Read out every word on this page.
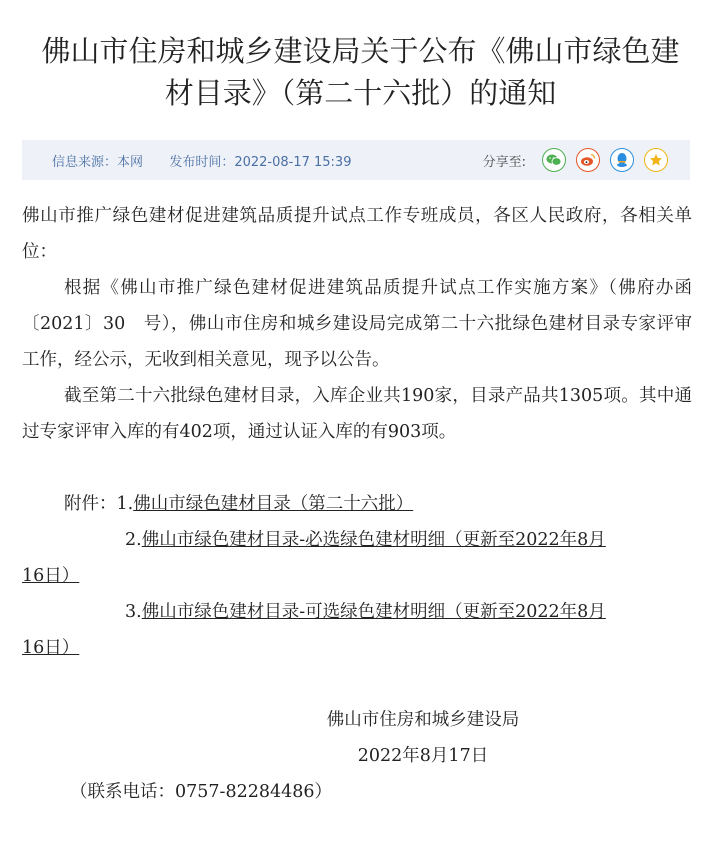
佛山市住房和城乡建设局关于公布《佛山市绿色建
材目录》（第二十六批）的通知
信息来源：本网 发布时间：2022-08-17 15:39	分享至:

佛山市推广绿色建材促进建筑品质提升试点工作专班成员，各区人民政府，各相关单位：

根据《佛山市推广绿色建材促进建筑品质提升试点工作实施方案》（佛府办函〔2021〕30　号），佛山市住房和城乡建设局完成第二十六批绿色建材目录专家评审工作，经公示，无收到相关意见，现予以公告。

截至第二十六批绿色建材目录，入库企业共190家，目录产品共1305项。其中通过专家评审入库的有402项，通过认证入库的有903项。

附件：1.佛山市绿色建材目录（第二十六批）

2.佛山市绿色建材目录-必选绿色建材明细（更新至2022年8月

16日）

3.佛山市绿色建材目录-可选绿色建材明细（更新至2022年8月

16日）

佛山市住房和城乡建设局

2022年8月17日

（联系电话：0757-82284486）
